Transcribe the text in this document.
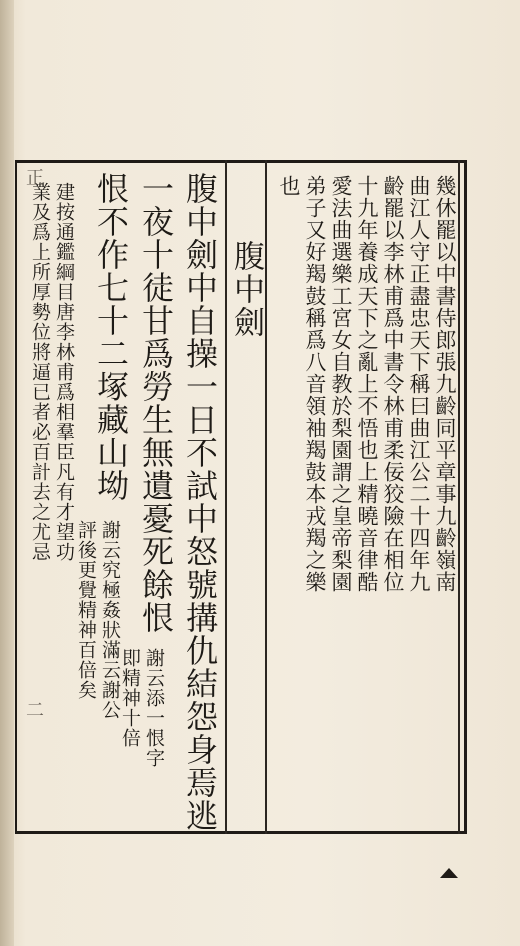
正
二
幾休罷以中書侍郎張九齡同平章事九齡嶺南
曲江人守正盡忠天下稱曰曲江公二十四年九
齡罷以李林甫爲中書令林甫柔佞狡險在相位
十九年養成天下之亂上不悟也上精曉音律酷
愛法曲選樂工宮女自教於梨園謂之皇帝梨園
弟子又好羯鼓稱爲八音領袖羯鼓本戎羯之樂
也
腹中劍
腹中劍中自操一日不試中怒號搆仇結怨身焉逃
一夜十徒甘爲勞生無遺憂死餘恨
謝云添一恨字
即精神十倍
恨不作七十二塚藏山坳
謝云究極姦狀滿云謝公
評後更覺精神百倍矣
建按通鑑綱目唐李林甫爲相羣臣凡有才望功
業及爲上所厚勢位將逼已者必百計去之尤忌
